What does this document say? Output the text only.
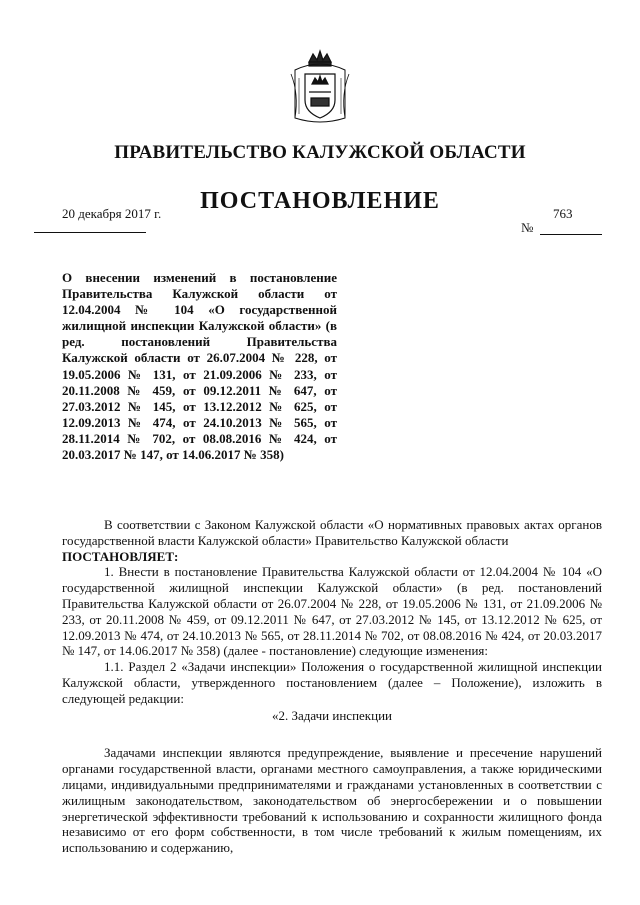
ПРАВИТЕЛЬСТВО КАЛУЖСКОЙ ОБЛАСТИ
ПОСТАНОВЛЕНИЕ
20 декабря 2017 г.	763
№
О внесении изменений в постановление Правительства Калужской области от 12.04.2004 № 104 «О государственной жилищной инспекции Калужской области» (в ред. постановлений Правительства Калужской области от 26.07.2004 № 228, от 19.05.2006 № 131, от 21.09.2006 № 233, от 20.11.2008 № 459, от 09.12.2011 № 647, от 27.03.2012 № 145, от 13.12.2012 № 625, от 12.09.2013 № 474, от 24.10.2013 № 565, от 28.11.2014 № 702, от 08.08.2016 № 424, от 20.03.2017 № 147, от 14.06.2017 № 358)

В соответствии с Законом Калужской области «О нормативных правовых актах органов государственной власти Калужской области» Правительство Калужской области

ПОСТАНОВЛЯЕТ:

1. Внести в постановление Правительства Калужской области от 12.04.2004 № 104 «О государственной жилищной инспекции Калужской области» (в ред. постановлений Правительства Калужской области от 26.07.2004 № 228, от 19.05.2006 № 131, от 21.09.2006 № 233, от 20.11.2008 № 459, от 09.12.2011 № 647, от 27.03.2012 № 145, от 13.12.2012 № 625, от 12.09.2013 № 474, от 24.10.2013 № 565, от 28.11.2014 № 702, от 08.08.2016 № 424, от 20.03.2017 № 147, от 14.06.2017 № 358) (далее - постановление) следующие изменения:

1.1. Раздел 2 «Задачи инспекции» Положения о государственной жилищной инспекции Калужской области, утвержденного постановлением (далее – Положение), изложить в следующей редакции:

«2. Задачи инспекции

Задачами инспекции являются предупреждение, выявление и пресечение нарушений органами государственной власти, органами местного самоуправления, а также юридическими лицами, индивидуальными предпринимателями и гражданами установленных в соответствии с жилищным законодательством, законодательством об энергосбережении и о повышении энергетической эффективности требований к использованию и сохранности жилищного фонда независимо от его форм собственности, в том числе требований к жилым помещениям, их использованию и содержанию,
